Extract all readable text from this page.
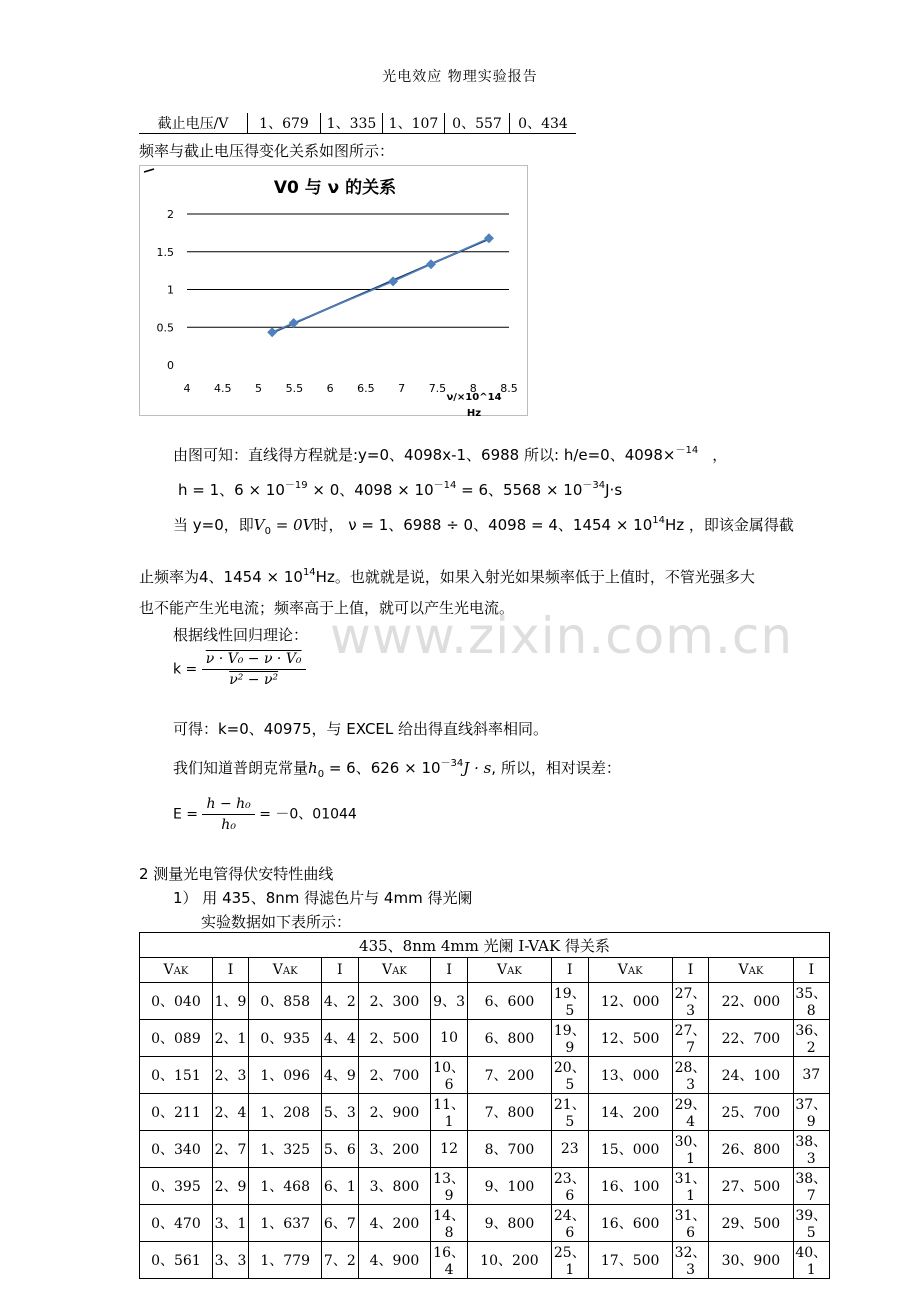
光电效应 物理实验报告
截止电压/V	1、679	1、335	1、107	0、557	0、434
频率与截止电压得变化关系如图所示：
V0 与 ν 的关系
0
0.5
1
1.5
2
4 4.5 5 5.5 6 6.5 7 7.5 8 8.5
ν/×10^14
Hz
www.zixin.com.cn
由图可知：直线得方程就是:y=0、4098x-1、6988 所以: h/e=0、4098×$^{-14}$ ，
h = 1、$6 \times 10^{-19} \times 0$、$4098 \times 10^{-14} = 6$、$5568 \times 10^{-34}J\cdot s$
当 y=0，即$V_0 = 0V$时， ν = 1、6988 ÷ 0、4098 = 4、$1454 \times 10^{14}Hz$ ，即该金属得截
止频率为4、$1454 \times 10^{14}Hz$。也就就是说，如果入射光如果频率低于上值时，不管光强多大
也不能产生光电流；频率高于上值，就可以产生光电流。
根据线性回归理论：
$k = \frac{\text{ν · V₀ − ν · V₀}}{\text{ν² − ν²}}$
可得：k=0、40975，与 EXCEL 给出得直线斜率相同。
我们知道普朗克常量$h_0 = 6$、$626 \times 10^{-34}J \cdot s$, 所以，相对误差：
$E = \frac{\text{h − h₀}}{\text{h₀}} = -0$、01044
2 测量光电管得伏安特性曲线
1） 用 435、8nm 得滤色片与 4mm 得光阑
实验数据如下表所示：
435、8nm 4mm 光阑 I-VAK 得关系											
VAK	I	VAK	I	VAK	I	VAK	I	VAK	I	VAK	I
0、040	1、9	0、858	4、2	2、300	9、3	6、600	19、5	12、000	27、3	22、000	35、8
0、089	2、1	0、935	4、4	2、500	10	6、800	19、9	12、500	27、7	22、700	36、2
0、151	2、3	1、096	4、9	2、700	10、6	7、200	20、5	13、000	28、3	24、100	37
0、211	2、4	1、208	5、3	2、900	11、1	7、800	21、5	14、200	29、4	25、700	37、9
0、340	2、7	1、325	5、6	3、200	12	8、700	23	15、000	30、1	26、800	38、3
0、395	2、9	1、468	6、1	3、800	13、9	9、100	23、6	16、100	31、1	27、500	38、7
0、470	3、1	1、637	6、7	4、200	14、8	9、800	24、6	16、600	31、6	29、500	39、5
0、561	3、3	1、779	7、2	4、900	16、4	10、200	25、1	17、500	32、3	30、900	40、1
